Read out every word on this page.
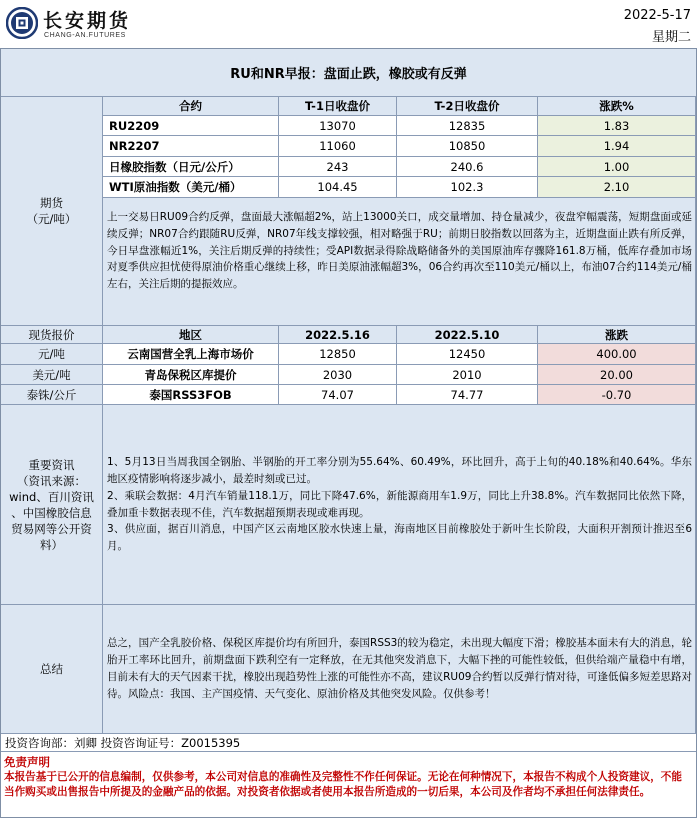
长安期货
CHANG-AN.FUTURES
2022-5-17
星期二
RU和NR早报：盘面止跌，橡胶或有反弹
期货
（元/吨）
合约	T-1日收盘价	T-2日收盘价	涨跌%
RU2209	13070	12835	1.83
NR2207	11060	10850	1.94
日橡胶指数（日元/公斤）	243	240.6	1.00
WTI原油指数（美元/桶）	104.45	102.3	2.10
上一交易日RU09合约反弹，盘面最大涨幅超2%，站上13000关口，成交量增加、持仓量减少，夜盘窄幅震荡，短期盘面或延续反弹；NR07合约跟随RU反弹，NR07年线支撑较强，相对略强于RU；前期日胶指数以回落为主，近期盘面止跌有所反弹，今日早盘涨幅近1%，关注后期反弹的持续性；受API数据录得除战略储备外的美国原油库存骤降161.8万桶，低库存叠加市场对夏季供应担忧使得原油价格重心继续上移，昨日美原油涨幅超3%，06合约再次至110美元/桶以上，布油07合约114美元/桶左右，关注后期的提振效应。
现货报价	地区	2022.5.16	2022.5.10	涨跌
元/吨	云南国营全乳上海市场价	12850	12450	400.00
美元/吨	青岛保税区库提价	2030	2010	20.00
泰铢/公斤	泰国RSS3FOB	74.07	74.77	-0.70
重要资讯
（资讯来源：
wind、百川资讯
、中国橡胶信息
贸易网等公开资
料）
1、5月13日当周我国全钢胎、半钢胎的开工率分别为55.64%、60.49%，环比回升，高于上旬的40.18%和40.64%。华东地区疫情影响将逐步减小，最差时刻或已过。
2、乘联会数据：4月汽车销量118.1万，同比下降47.6%，新能源商用车1.9万，同比上升38.8%。汽车数据同比依然下降，叠加重卡数据表现不佳，汽车数据超预期表现或难再现。
3、供应面，据百川消息，中国产区云南地区胶水快速上量，海南地区目前橡胶处于新叶生长阶段，大面积开割预计推迟至6月。
总结
总之，国产全乳胶价格、保税区库提价均有所回升，泰国RSS3的较为稳定，未出现大幅度下滑；橡胶基本面未有大的消息，轮胎开工率环比回升，前期盘面下跌利空有一定释放，在无其他突发消息下，大幅下挫的可能性较低，但供给端产量稳中有增，目前未有大的天气因素干扰，橡胶出现趋势性上涨的可能性亦不高，建议RU09合约暂以反弹行情对待，可逢低偏多短差思路对待。风险点：我国、主产国疫情、天气变化、原油价格及其他突发风险。仅供参考！
投资咨询部：刘卿 投资咨询证号：Z0015395
免责声明
本报告基于已公开的信息编制，仅供参考，本公司对信息的准确性及完整性不作任何保证。无论在何种情况下，本报告不构成个人投资建议，不能当作购买或出售报告中所提及的金融产品的依据。对投资者依据或者使用本报告所造成的一切后果，本公司及作者均不承担任何法律责任。
